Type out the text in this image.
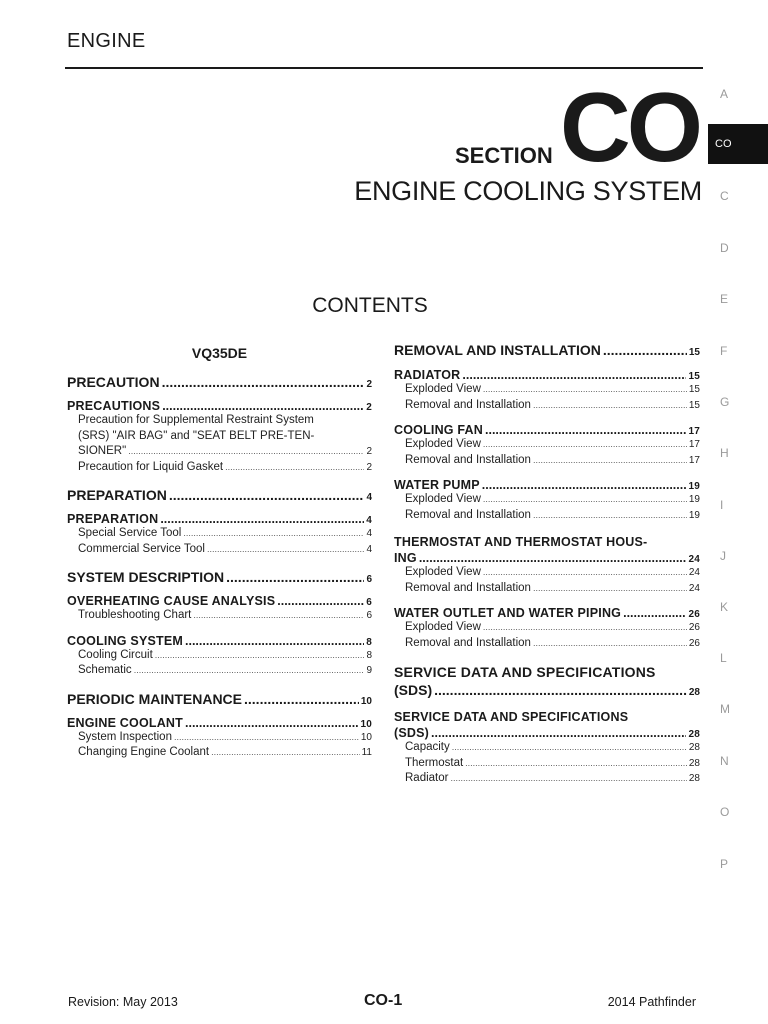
ENGINE
A
CO
C
D
E
F
G
H
I
J
K
L
M
N
O
P
SECTION CO
ENGINE COOLING SYSTEM
CONTENTS
VQ35DE
PRECAUTION .....	2
PRECAUTIONS .....	2
Precaution for Supplemental Restraint System
(SRS) "AIR BAG" and "SEAT BELT PRE-TEN-
SIONER" .....	2
Precaution for Liquid Gasket .....	2
PREPARATION .....	4
PREPARATION .....	4
Special Service Tool .....	4
Commercial Service Tool .....	4
SYSTEM DESCRIPTION .....	6
OVERHEATING CAUSE ANALYSIS .....	6
Troubleshooting Chart .....	6
COOLING SYSTEM .....	8
Cooling Circuit .....	8
Schematic .....	9
PERIODIC MAINTENANCE .....	10
ENGINE COOLANT .....	10
System Inspection .....	10
Changing Engine Coolant .....	11
REMOVAL AND INSTALLATION .....	15
RADIATOR .....	15
Exploded View .....	15
Removal and Installation .....	15
COOLING FAN .....	17
Exploded View .....	17
Removal and Installation .....	17
WATER PUMP .....	19
Exploded View .....	19
Removal and Installation .....	19
THERMOSTAT AND THERMOSTAT HOUS-
ING .....	24
Exploded View .....	24
Removal and Installation .....	24
WATER OUTLET AND WATER PIPING .....	26
Exploded View .....	26
Removal and Installation .....	26
SERVICE DATA AND SPECIFICATIONS
(SDS) .....	28
SERVICE DATA AND SPECIFICATIONS
(SDS) .....	28
Capacity .....	28
Thermostat .....	28
Radiator .....	28
Revision: May 2013	CO-1	2014 Pathfinder
